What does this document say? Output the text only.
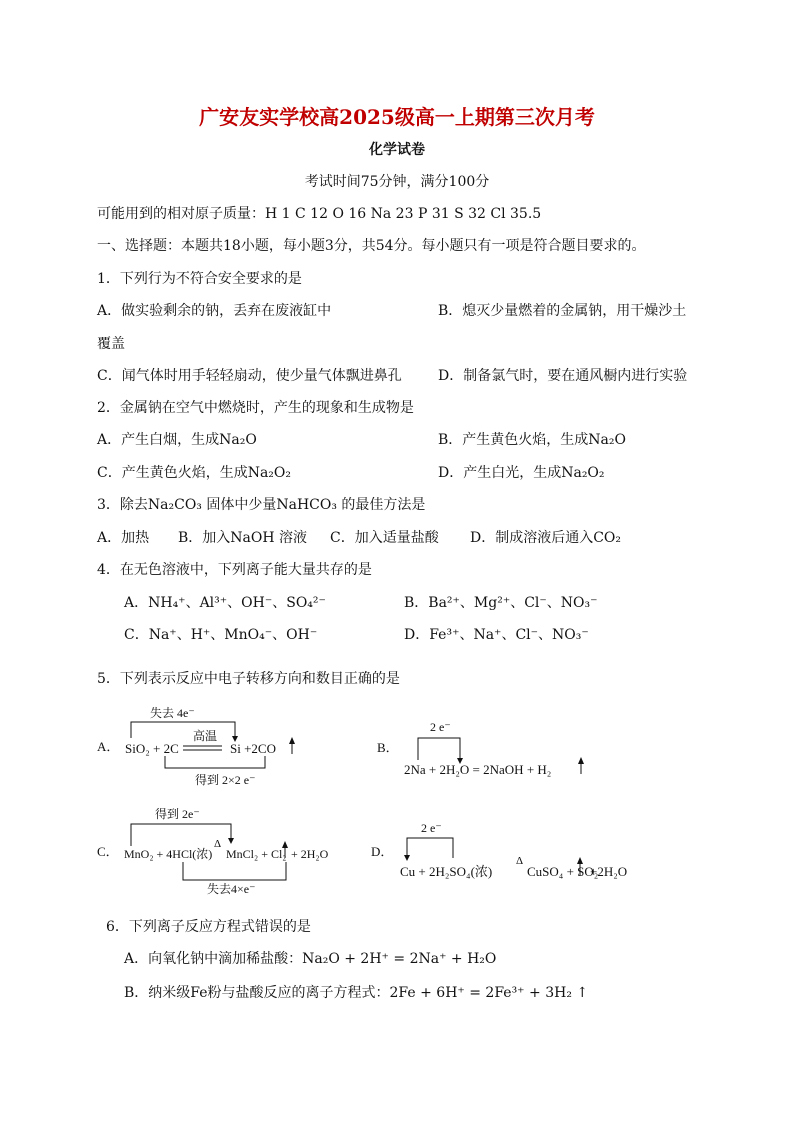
广安友实学校高2025级高一上期第三次月考
化学试卷
考试时间75分钟，满分100分
可能用到的相对原子质量：H 1 C 12 O 16 Na 23 P 31 S 32 Cl 35.5
一、选择题：本题共18小题，每小题3分，共54分。每小题只有一项是符合题目要求的。
1．下列行为不符合安全要求的是
A．做实验剩余的钠，丢弃在废液缸中	B．熄灭少量燃着的金属钠，用干燥沙土
覆盖
C．闻气体时用手轻轻扇动，使少量气体飘进鼻孔	D．制备氯气时，要在通风橱内进行实验
2．金属钠在空气中燃烧时，产生的现象和生成物是
A．产生白烟，生成Na₂O	B．产生黄色火焰，生成Na₂O
C．产生黄色火焰，生成Na₂O₂	D．产生白光，生成Na₂O₂
3．除去Na₂CO₃ 固体中少量NaHCO₃ 的最佳方法是
A．加热 B．加入NaOH 溶液 C．加入适量盐酸 D．制成溶液后通入CO₂
4．在无色溶液中，下列离子能大量共存的是
A．NH₄⁺、Al³⁺、OH⁻、SO₄²⁻	B．Ba²⁺、Mg²⁺、Cl⁻、NO₃⁻
C．Na⁺、H⁺、MnO₄⁻、OH⁻	D．Fe³⁺、Na⁺、Cl⁻、NO₃⁻
5．下列表示反应中电子转移方向和数目正确的是
A．
失去 4e⁻
高温
SiO₂ + 2C	Si +2CO
得到 2×2 e⁻
B．
2 e⁻
2Na + 2H₂O = 2NaOH + H₂
C．
得到 2e⁻
MnO₂ + 4HCl(浓)
Δ
MnCl₂ + Cl₂ + 2H₂O
失去4×e⁻
D．
2 e⁻
Cu + 2H₂SO₄(浓)
Δ
CuSO₄ + SO₂
+2H₂O
6．下列离子反应方程式错误的是
A．向氧化钠中滴加稀盐酸：Na₂O + 2H⁺ = 2Na⁺ + H₂O
B．纳米级Fe粉与盐酸反应的离子方程式：2Fe + 6H⁺ = 2Fe³⁺ + 3H₂ ↑
